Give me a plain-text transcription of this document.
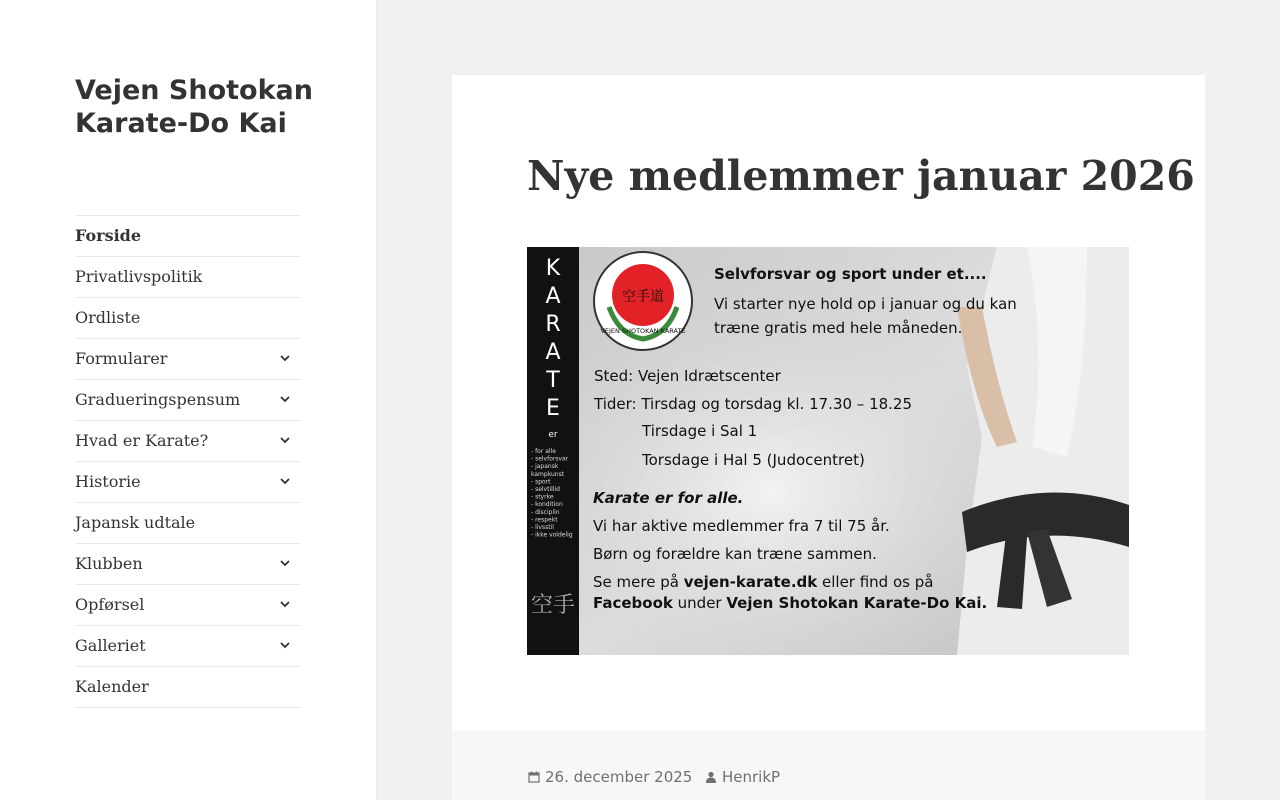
Vejen Shotokan Karate-Do Kai
Forside
Privatlivspolitik
Ordliste
Formularer
Gradueringspensum
Hvad er Karate?
Historie
Japansk udtale
Klubben
Opførsel
Galleriet
Kalender
Nye medlemmer januar 2026
K
A
R
A
T
E
er
- for alle
- selvforsvar
- japansk
kampkunst
- sport
- selvtillid
- styrke
- kondition
- disciplin
- respekt
- livsstil
- ikke voldelig
空手
空手道
VEJEN SHOTOKAN KARATE
Selvforsvar og sport under et....
Vi starter nye hold op i januar og du kan
træne gratis med hele måneden.
Sted: Vejen Idrætscenter
Tider: Tirsdag og torsdag kl. 17.30 – 18.25
Tirsdage i Sal 1
Torsdage i Hal 5 (Judocentret)
Karate er for alle.
Vi har aktive medlemmer fra 7 til 75 år.
Børn og forældre kan træne sammen.
Se mere på vejen-karate.dk eller find os på
Facebook under Vejen Shotokan Karate-Do Kai.
26. december 2025 HenrikP
